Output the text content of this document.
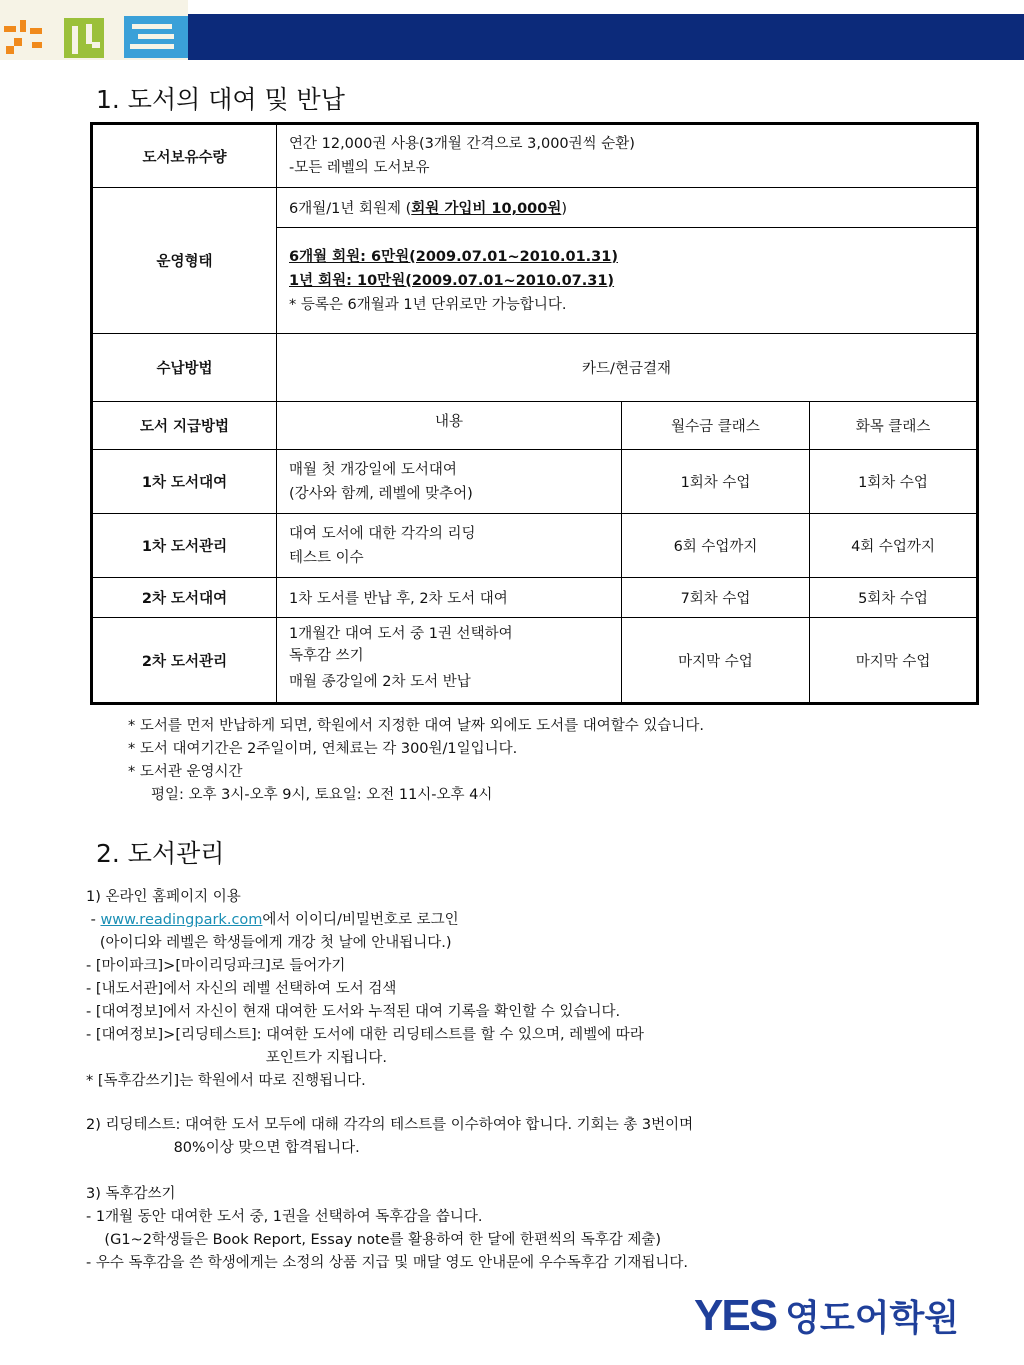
1. 도서의 대여 및 반납
도서보유수량	연간 12,000권 사용(3개월 간격으로 3,000권씩 순환)
-모든 레벨의 도서보유		

운영형태	6개월/1년 회원제 (회원 가입비 10,000원)		

	6개월 회원: 6만원(2009.07.01~2010.01.31)
1년 회원: 10만원(2009.07.01~2010.07.31)
* 등록은 6개월과 1년 단위로만 가능합니다.		

수납방법	카드/현금결재		
도서 지급방법	내용	월수금 클래스	화목 클래스
1차 도서대여	매월 첫 개강일에 도서대여
(강사와 함께, 레벨에 맞추어)	1회차 수업	1회차 수업
1차 도서관리	대여 도서에 대한 각각의 리딩
테스트 이수	6회 수업까지	4회 수업까지
2차 도서대여	1차 도서를 반납 후, 2차 도서 대여	7회차 수업	5회차 수업
2차 도서관리	1개월간 대여 도서 중 1권 선택하여
독후감 쓰기
매월 종강일에 2차 도서 반납	마지막 수업	마지막 수업
* 도서를 먼저 반납하게 되면, 학원에서 지정한 대여 날짜 외에도 도서를 대여할수 있습니다.
* 도서 대여기간은 2주일이며, 연체료는 각 300원/1일입니다.
* 도서관 운영시간
평일: 오후 3시-오후 9시, 토요일: 오전 11시-오후 4시
2. 도서관리
1) 온라인 홈페이지 이용
- www.readingpark.com에서 이이디/비밀번호로 로그인
(아이디와 레벨은 학생들에게 개강 첫 날에 안내됩니다.)
- [마이파크]>[마이리딩파크]로 들어가기
- [내도서관]에서 자신의 레벨 선택하여 도서 검색
- [대여정보]에서 자신이 현재 대여한 도서와 누적된 대여 기록을 확인할 수 있습니다.
- [대여정보]>[리딩테스트]: 대여한 도서에 대한 리딩테스트를 할 수 있으며, 레벨에 따라
포인트가 지됩니다.
* [독후감쓰기]는 학원에서 따로 진행됩니다.
2) 리딩테스트: 대여한 도서 모두에 대해 각각의 테스트를 이수하여야 합니다. 기회는 총 3번이며
80%이상 맞으면 합격됩니다.
3) 독후감쓰기
- 1개월 동안 대여한 도서 중, 1권을 선택하여 독후감을 씁니다.
(G1~2학생들은 Book Report, Essay note를 활용하여 한 달에 한편씩의 독후감 제출)
- 우수 독후감을 쓴 학생에게는 소정의 상품 지급 및 매달 영도 안내문에 우수독후감 기재됩니다.
YES 영도어학원
